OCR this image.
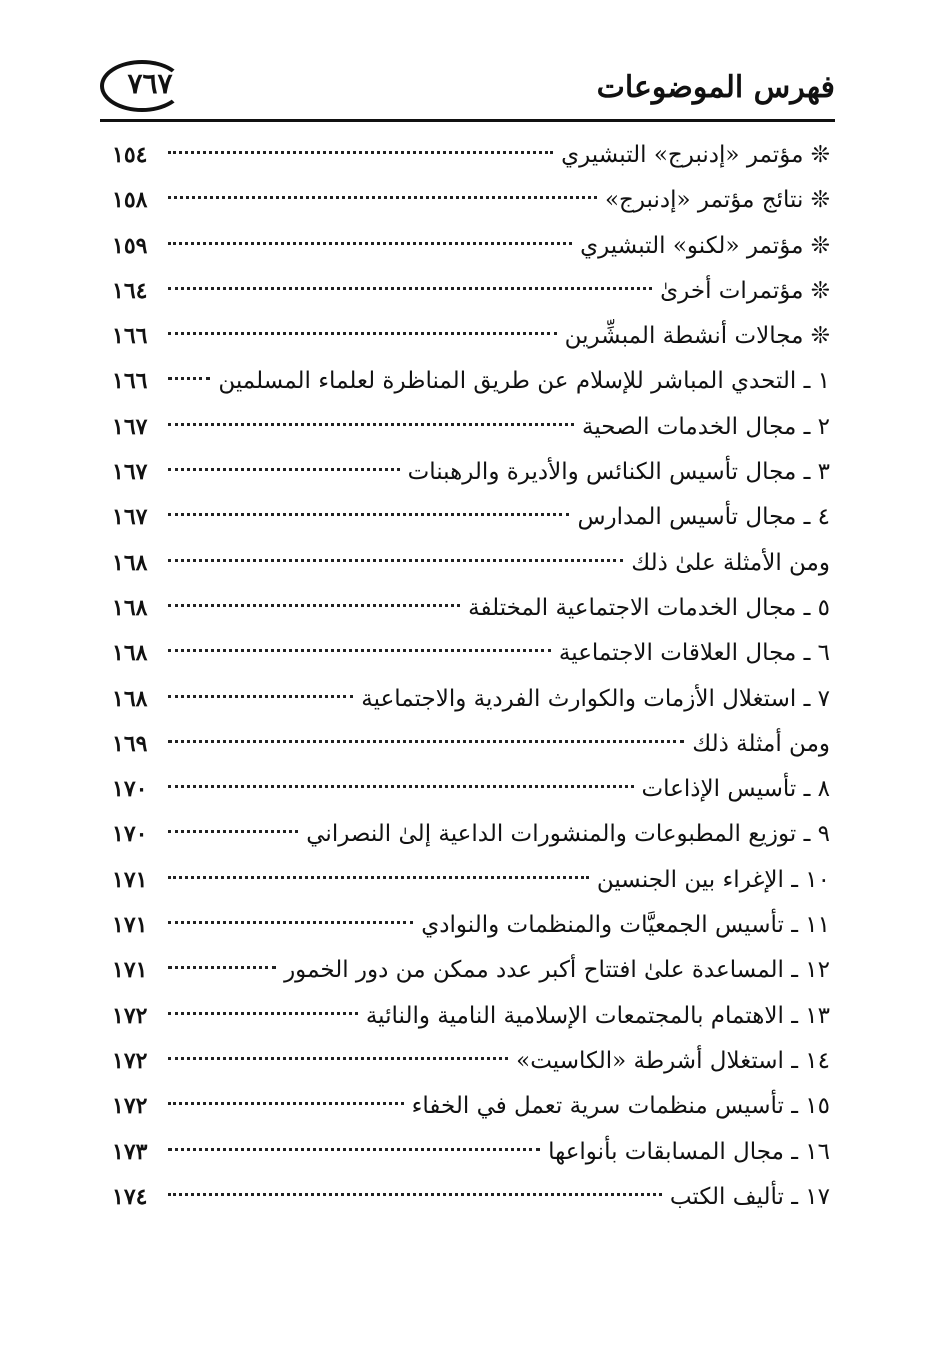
فهرس الموضوعات
٧٦٧
❊ مؤتمر «إدنبرج» التبشيري
١٥٤
❊ نتائج مؤتمر «إدنبرج»
١٥٨
❊ مؤتمر «لكنو» التبشيري
١٥٩
❊ مؤتمرات أخرىٰ
١٦٤
❊ مجالات أنشطة المبشِّرين
١٦٦
١ ـ التحدي المباشر للإسلام عن طريق المناظرة لعلماء المسلمين
١٦٦
٢ ـ مجال الخدمات الصحية
١٦٧
٣ ـ مجال تأسيس الكنائس والأديرة والرهبنات
١٦٧
٤ ـ مجال تأسيس المدارس
١٦٧
ومن الأمثلة علىٰ ذلك
١٦٨
٥ ـ مجال الخدمات الاجتماعية المختلفة
١٦٨
٦ ـ مجال العلاقات الاجتماعية
١٦٨
٧ ـ استغلال الأزمات والكوارث الفردية والاجتماعية
١٦٨
ومن أمثلة ذلك
١٦٩
٨ ـ تأسيس الإذاعات
١٧٠
٩ ـ توزيع المطبوعات والمنشورات الداعية إلىٰ النصراني
١٧٠
١٠ ـ الإغراء بين الجنسين
١٧١
١١ ـ تأسيس الجمعيَّات والمنظمات والنوادي
١٧١
١٢ ـ المساعدة علىٰ افتتاح أكبر عدد ممكن من دور الخمور
١٧١
١٣ ـ الاهتمام بالمجتمعات الإسلامية النامية والنائية
١٧٢
١٤ ـ استغلال أشرطة «الكاسيت»
١٧٢
١٥ ـ تأسيس منظمات سرية تعمل في الخفاء
١٧٢
١٦ ـ مجال المسابقات بأنواعها
١٧٣
١٧ ـ تأليف الكتب
١٧٤
